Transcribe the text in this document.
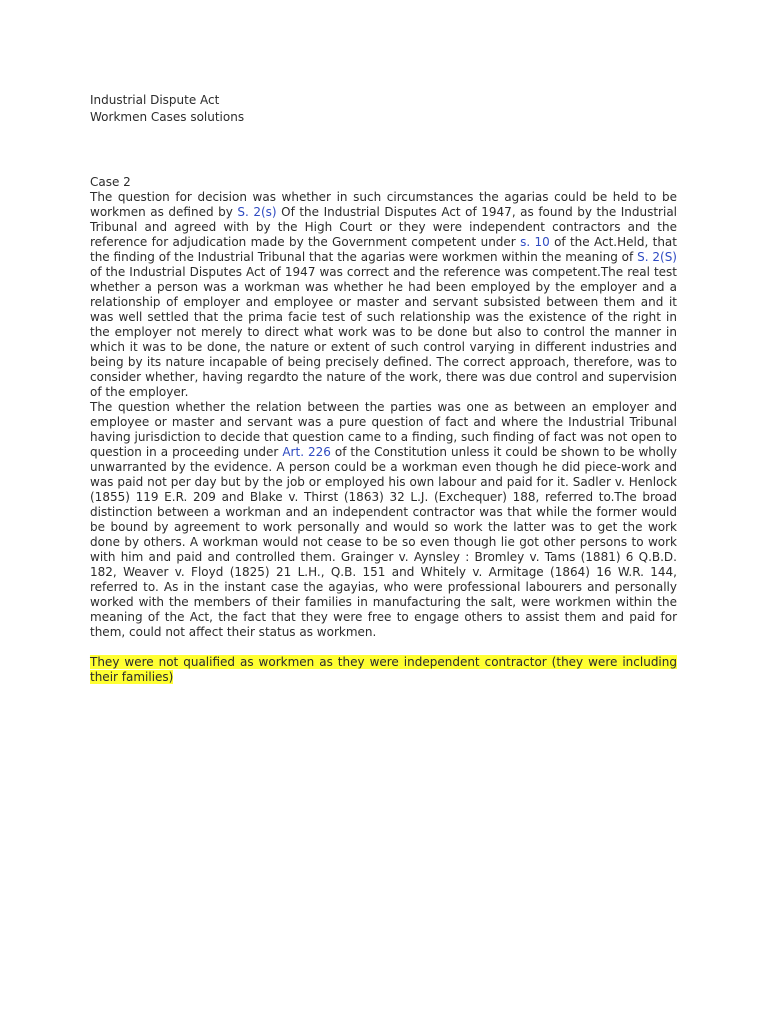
Industrial Dispute Act
Workmen Cases solutions
Case 2

The question for decision was whether in such circumstances the agarias could be held to be workmen as defined by S. 2(s) Of the Industrial Disputes Act of 1947, as found by the Industrial Tribunal and agreed with by the High Court or they were independent contractors and the reference for adjudication made by the Government competent under s. 10 of the Act.Held, that the finding of the Industrial Tribunal that the agarias were workmen within the meaning of S. 2(S) of the Industrial Disputes Act of 1947 was correct and the reference was competent.The real test whether a person was a workman was whether he had been employed by the employer and a relationship of employer and employee or master and servant subsisted between them and it was well settled that the prima facie test of such relationship was the existence of the right in the employer not merely to direct what work was to be done but also to control the manner in which it was to be done, the nature or extent of such control varying in different industries and being by its nature incapable of being precisely defined. The correct approach, therefore, was to consider whether, having regardto the nature of the work, there was due control and supervision of the employer.

The question whether the relation between the parties was one as between an employer and employee or master and servant was a pure question of fact and where the Industrial Tribunal having jurisdiction to decide that question came to a finding, such finding of fact was not open to question in a proceeding under Art. 226 of the Constitution unless it could be shown to be wholly unwarranted by the evidence. A person could be a workman even though he did piece-work and was paid not per day but by the job or employed his own labour and paid for it. Sadler v. Henlock (1855) 119 E.R. 209 and Blake v. Thirst (1863) 32 L.J. (Exchequer) 188, referred to.The broad distinction between a workman and an independent contractor was that while the former would be bound by agreement to work personally and would so work the latter was to get the work done by others. A workman would not cease to be so even though lie got other persons to work with him and paid and controlled them. Grainger v. Aynsley : Bromley v. Tams (1881) 6 Q.B.D. 182, Weaver v. Floyd (1825) 21 L.H., Q.B. 151 and Whitely v. Armitage (1864) 16 W.R. 144, referred to. As in the instant case the agayias, who were professional labourers and personally worked with the members of their families in manufacturing the salt, were workmen within the meaning of the Act, the fact that they were free to engage others to assist them and paid for them, could not affect their status as workmen.

They were not qualified as workmen as they were independent contractor (they were including their families)
